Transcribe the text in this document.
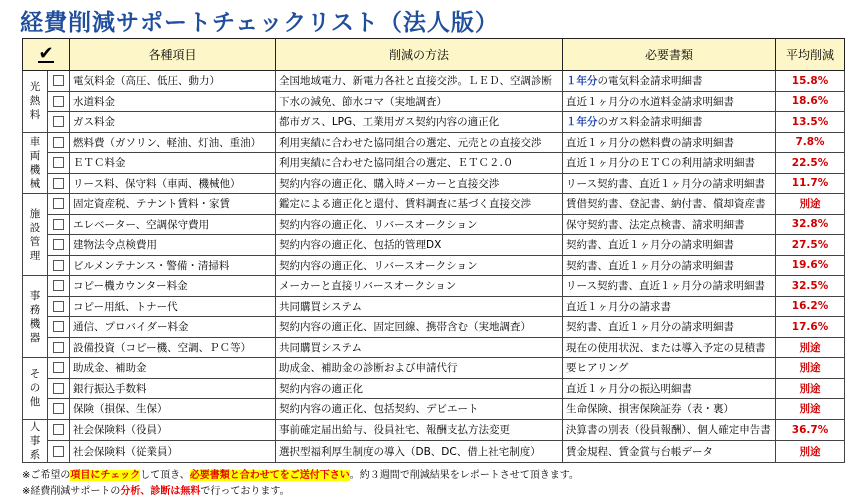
経費削減サポートチェックリスト（法人版）
✔		各種項目	削減の方法	必要書類	平均削減
光熱料		電気料金（高圧、低圧、動力）	全国地域電力、新電力各社と直接交渉。ＬＥＤ、空調診断	１年分の電気料金請求明細書	15.8%
		水道料金	下水の減免、節水コマ（実地調査）	直近１ヶ月分の水道料金請求明細書	18.6%
		ガス料金	都市ガス、LPG、工業用ガス契約内容の適正化	１年分のガス料金請求明細書	13.5%
車両機械		燃料費（ガソリン、軽油、灯油、重油）	利用実績に合わせた協同組合の選定、元売との直接交渉	直近１ヶ月分の燃料費の請求明細書	7.8%
		ＥＴＣ料金	利用実績に合わせた協同組合の選定、ＥＴＣ２.０	直近１ヶ月分のＥＴＣの利用請求明細書	22.5%
		リース料、保守料（車両、機械他）	契約内容の適正化、購入時メーカーと直接交渉	リース契約書、直近１ヶ月分の請求明細書	11.7%
施設管理		固定資産税、テナント賃料・家賃	鑑定による適正化と還付、賃料調査に基づく直接交渉	賃借契約書、登記書、納付書、償却資産書	別途
		エレベーター、空調保守費用	契約内容の適正化、リバースオークション	保守契約書、法定点検書、請求明細書	32.8%
		建物法令点検費用	契約内容の適正化、包括的管理DX	契約書、直近１ヶ月分の請求明細書	27.5%
		ビルメンテナンス・警備・清掃料	契約内容の適正化、リバースオークション	契約書、直近１ヶ月分の請求明細書	19.6%
事務機器		コピー機カウンター料金	メーカーと直接リバースオークション	リース契約書、直近１ヶ月分の請求明細書	32.5%
		コピー用紙、トナー代	共同購買システム	直近１ヶ月分の請求書	16.2%
		通信、プロバイダー料金	契約内容の適正化、固定回線、携帯含む（実地調査）	契約書、直近１ヶ月分の請求明細書	17.6%
		設備投資（コピー機、空調、ＰＣ等）	共同購買システム	現在の使用状況、または導入予定の見積書	別途
その他		助成金、補助金	助成金、補助金の診断および申請代行	要ヒアリング	別途
		銀行振込手数料	契約内容の適正化	直近１ヶ月分の振込明細書	別途
		保険（損保、生保）	契約内容の適正化、包括契約、デビエート	生命保険、損害保険証券（表・裏）	別途
人事系		社会保険料（役員）	事前確定届出給与、役員社宅、報酬支払方法変更	決算書の別表（役員報酬）、個人確定申告書	36.7%
		社会保険料（従業員）	選択型福利厚生制度の導入（DB、DC、借上社宅制度）	賃金規程、賃金賞与台帳データ	別途
※ご希望の項目にチェックして頂き、必要書類と合わせてをご送付下さい。約３週間で削減結果をレポートさせて頂きます。
※経費削減サポートの分析、診断は無料で行っております。
